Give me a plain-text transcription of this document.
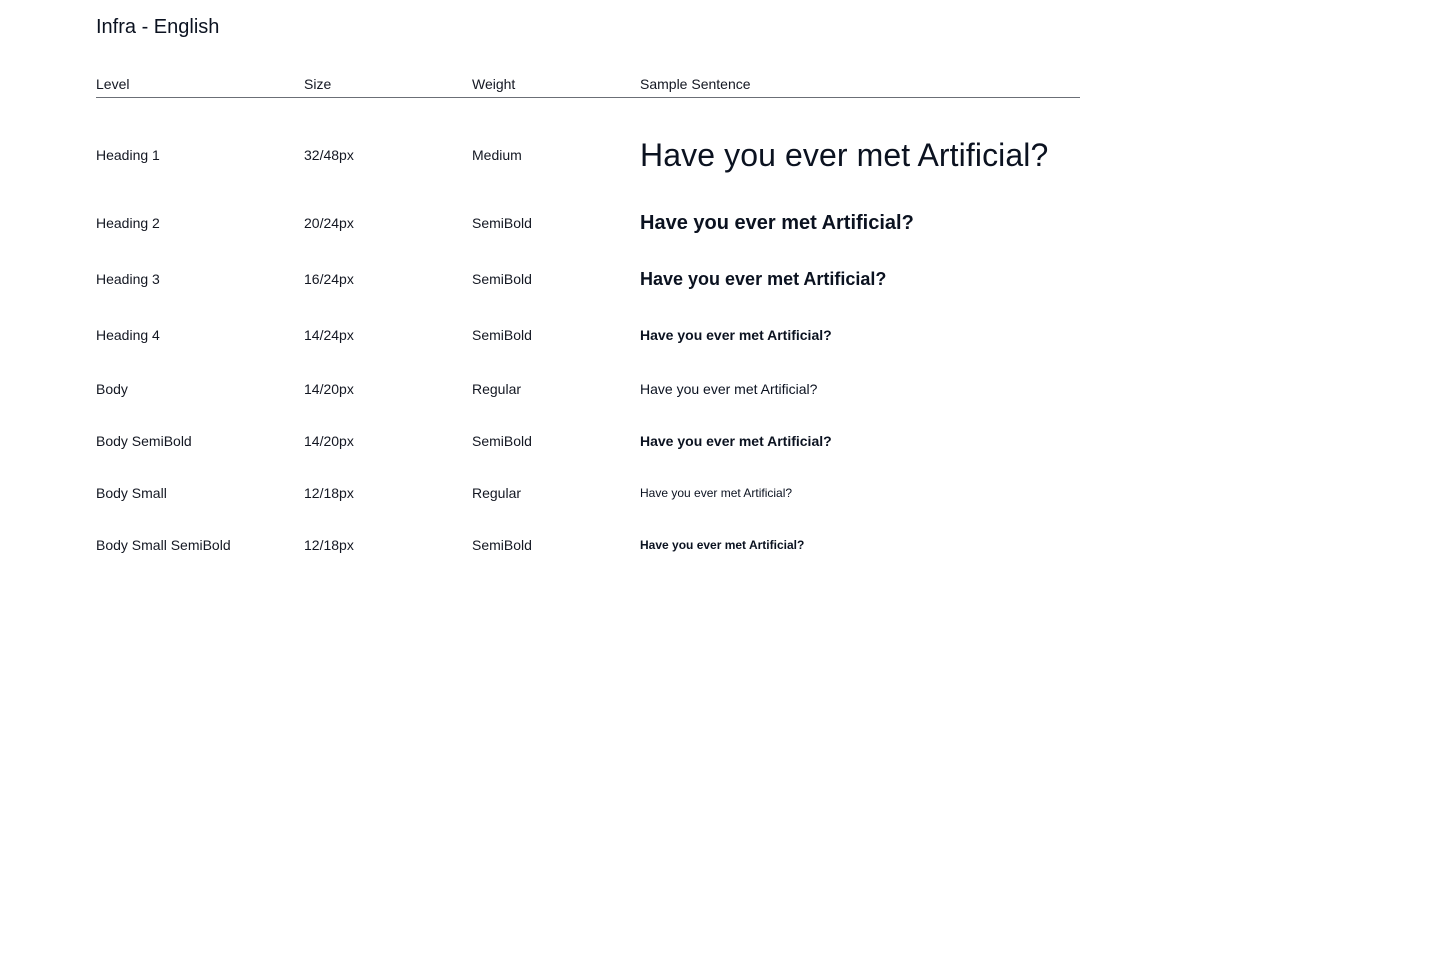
Infra - English
Level	Size	Weight	Sample Sentence
Heading 1	32/48px	Medium	Have you ever met Artificial?
Heading 2	20/24px	SemiBold	Have you ever met Artificial?
Heading 3	16/24px	SemiBold	Have you ever met Artificial?
Heading 4	14/24px	SemiBold	Have you ever met Artificial?
Body	14/20px	Regular	Have you ever met Artificial?
Body SemiBold	14/20px	SemiBold	Have you ever met Artificial?
Body Small	12/18px	Regular	Have you ever met Artificial?
Body Small SemiBold	12/18px	SemiBold	Have you ever met Artificial?
